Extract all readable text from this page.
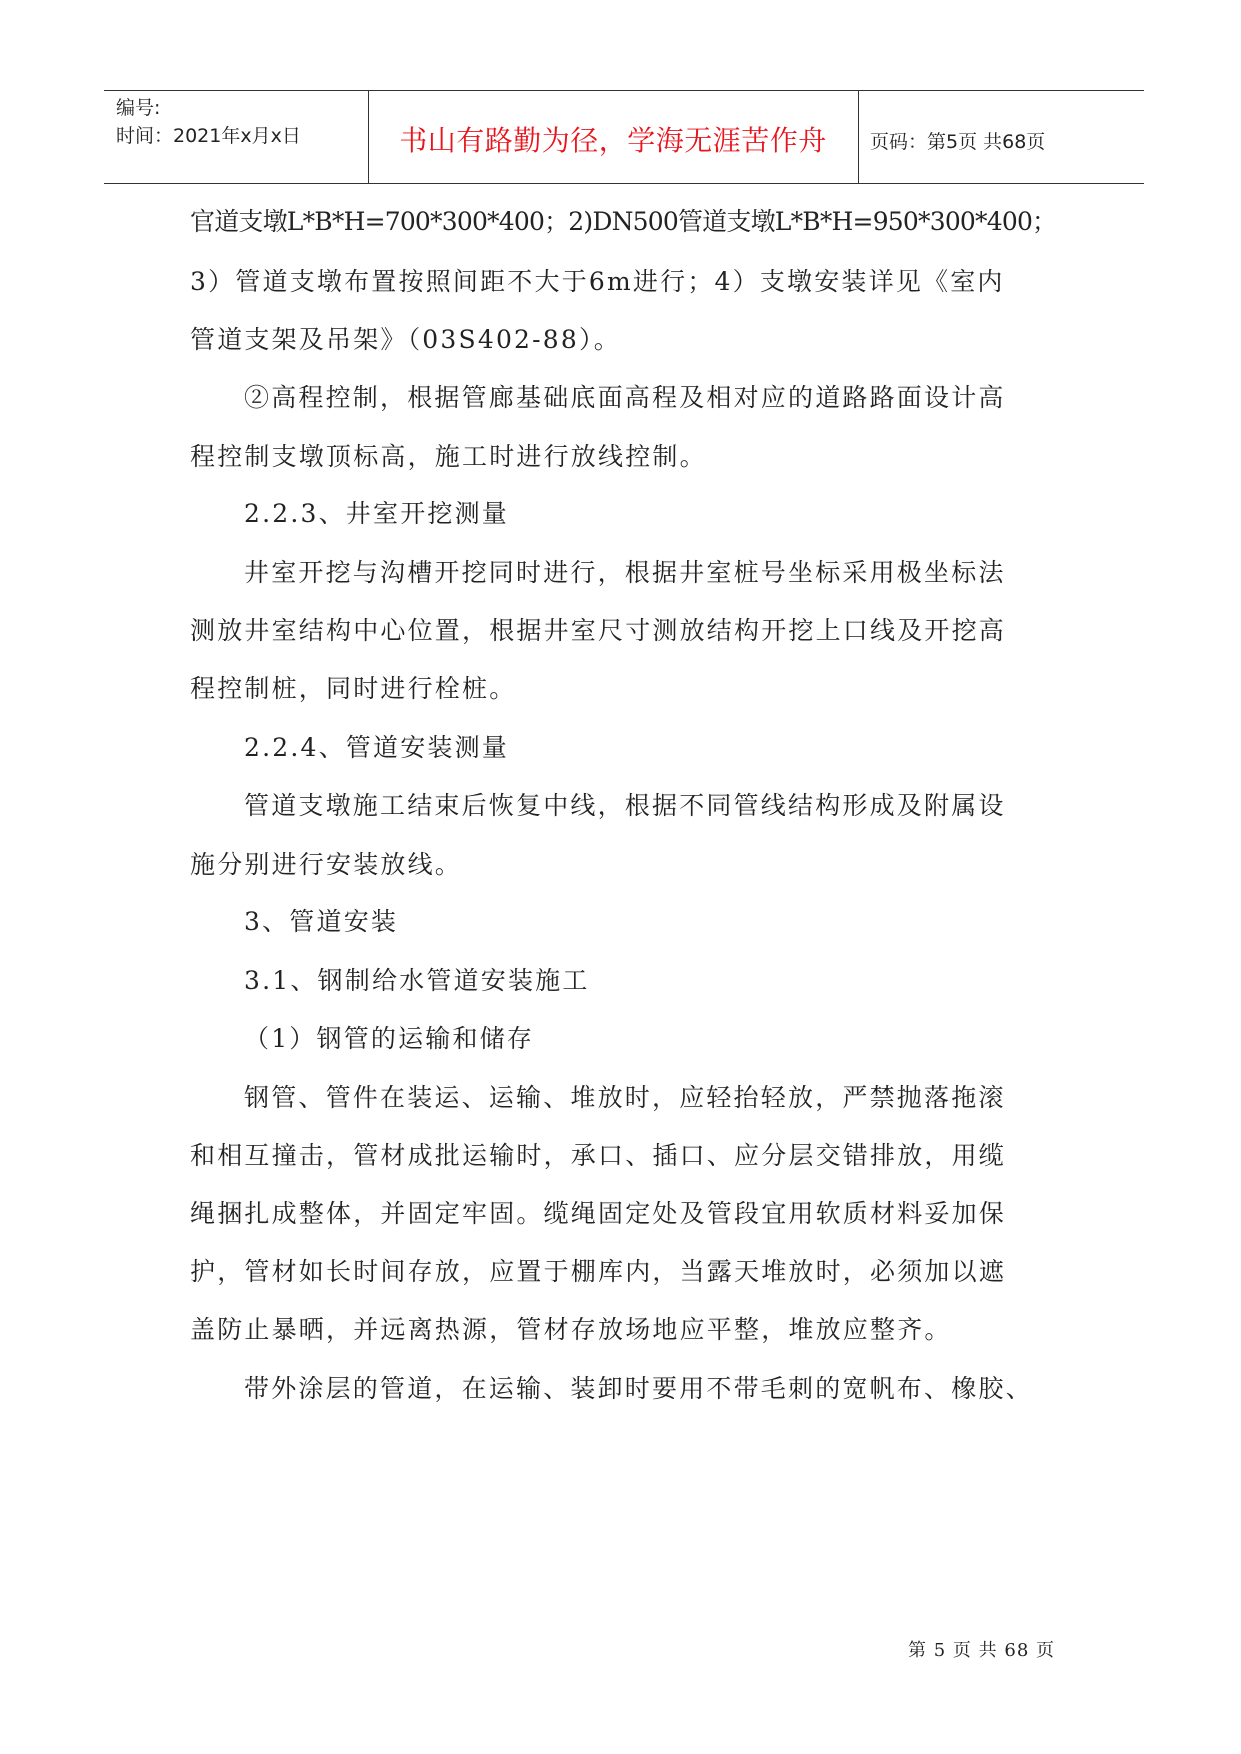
编号:
时间：2021年x月x日	书山有路勤为径，学海无涯苦作舟	页码：第5页 共68页
官道支墩L*B*H=700*300*400；2)DN500管道支墩L*B*H=950*300*400；
3）管道支墩布置按照间距不大于6m进行；4）支墩安装详见《室内
管道支架及吊架》（03S402-88）。
②高程控制，根据管廊基础底面高程及相对应的道路路面设计高
程控制支墩顶标高，施工时进行放线控制。
2.2.3、井室开挖测量
井室开挖与沟槽开挖同时进行，根据井室桩号坐标采用极坐标法
测放井室结构中心位置，根据井室尺寸测放结构开挖上口线及开挖高
程控制桩，同时进行栓桩。
2.2.4、管道安装测量
管道支墩施工结束后恢复中线，根据不同管线结构形成及附属设
施分别进行安装放线。
3、管道安装
3.1、钢制给水管道安装施工
（1）钢管的运输和储存
钢管、管件在装运、运输、堆放时，应轻抬轻放，严禁抛落拖滚
和相互撞击，管材成批运输时，承口、插口、应分层交错排放，用缆
绳捆扎成整体，并固定牢固。缆绳固定处及管段宜用软质材料妥加保
护，管材如长时间存放，应置于棚库内，当露天堆放时，必须加以遮
盖防止暴晒，并远离热源，管材存放场地应平整，堆放应整齐。
带外涂层的管道，在运输、装卸时要用不带毛刺的宽帆布、橡胶、
第 5 页 共 68 页
